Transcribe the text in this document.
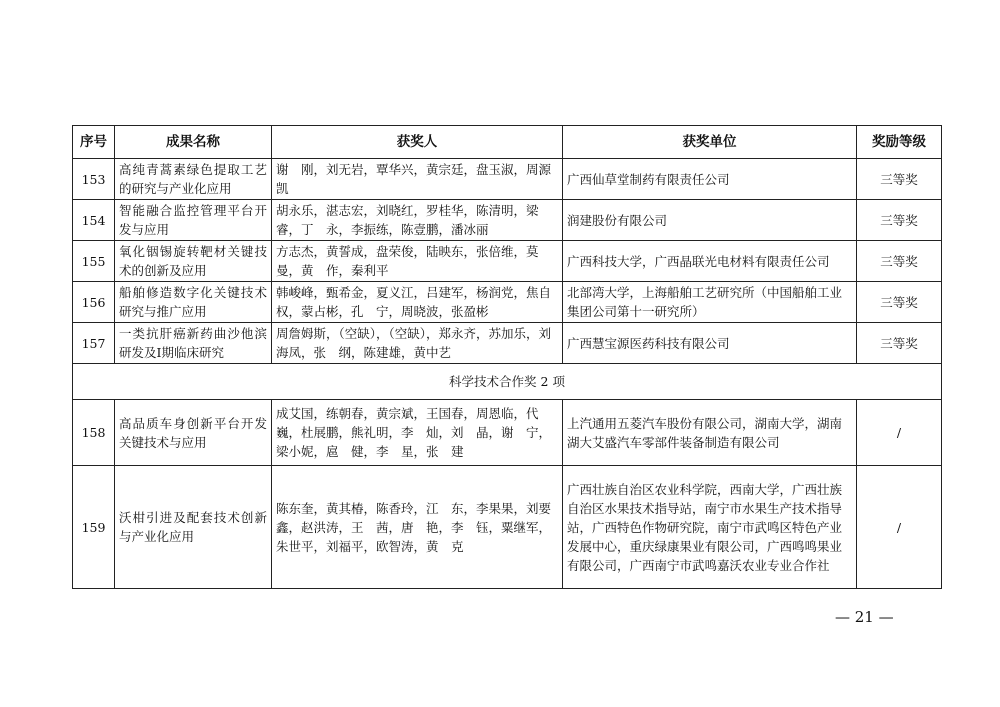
序号	成果名称	获奖人	获奖单位	奖励等级
153	高纯青蒿素绿色提取工艺的研究与产业化应用	谢　刚，刘无岩，覃华兴，黄宗廷，盘玉淑，周源凯	广西仙草堂制药有限责任公司	三等奖
154	智能融合监控管理平台开发与应用	胡永乐，湛志宏，刘晓红，罗桂华，陈清明，梁　睿，丁　永，李振练，陈壹鹏，潘冰丽	润建股份有限公司	三等奖
155	氧化铟锡旋转靶材关键技术的创新及应用	方志杰，黄誓成，盘荣俊，陆映东，张倍维，莫　曼，黄　作，秦利平	广西科技大学，广西晶联光电材料有限责任公司	三等奖
156	船舶修造数字化关键技术研究与推广应用	韩峻峰，甄希金，夏义江，吕建军，杨润党，焦自权，蒙占彬，孔　宁，周晓波，张盈彬	北部湾大学，上海船舶工艺研究所（中国船舶工业集团公司第十一研究所）	三等奖
157	一类抗肝癌新药曲沙他滨研发及Ⅰ期临床研究	周詹姆斯，（空缺），（空缺），郑永齐，苏加乐，刘海凤，张　纲，陈建雄，黄中艺	广西慧宝源医药科技有限公司	三等奖
科学技术合作奖 2 项				
158	高品质车身创新平台开发关键技术与应用	成艾国，练朝春，黄宗斌，王国春，周恩临，代　巍，杜展鹏，熊礼明，李　灿，刘　晶，谢　宁，梁小妮，扈　健，李　星，张　建	上汽通用五菱汽车股份有限公司，湖南大学，湖南湖大艾盛汽车零部件装备制造有限公司	/
159	沃柑引进及配套技术创新与产业化应用	陈东奎，黄其椿，陈香玲，江　东，李果果，刘要鑫，赵洪涛，王　茜，唐　艳，李　钰，粟继军，朱世平，刘福平，欧智涛，黄　克	广西壮族自治区农业科学院，西南大学，广西壮族自治区水果技术指导站，南宁市水果生产技术指导站，广西特色作物研究院，南宁市武鸣区特色产业发展中心，重庆绿康果业有限公司，广西鸣鸣果业有限公司，广西南宁市武鸣嘉沃农业专业合作社	/
— 21 —
